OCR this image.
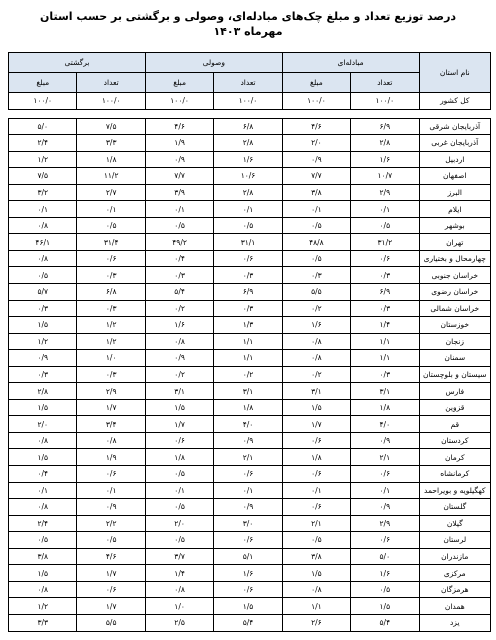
درصد توزیع تعداد و مبلغ چک‌های مبادله‌ای، وصولی و برگشتی بر حسب استان
مهرماه ۱۴۰۳
نام استان	مبادله‌ای		وصولی		برگشتی	
	تعداد	مبلغ	تعداد	مبلغ	تعداد	مبلغ
کل کشور	۱۰۰/۰	۱۰۰/۰	۱۰۰/۰	۱۰۰/۰	۱۰۰/۰	۱۰۰/۰

آذربایجان شرقی	۶/۹	۴/۶	۶/۸	۴/۶	۷/۵	۵/۰
آذربایجان غربی	۲/۸	۲/۰	۲/۸	۱/۹	۳/۳	۲/۴
اردبیل	۱/۶	۰/۹	۱/۶	۰/۹	۱/۸	۱/۲
اصفهان	۱۰/۷	۷/۷	۱۰/۶	۷/۷	۱۱/۲	۷/۵
البرز	۲/۹	۳/۸	۲/۸	۳/۹	۲/۷	۳/۲
ایلام	۰/۱	۰/۱	۰/۱	۰/۱	۰/۱	۰/۱
بوشهر	۰/۵	۰/۵	۰/۵	۰/۵	۰/۵	۰/۸
تهران	۳۱/۲	۴۸/۸	۳۱/۱	۴۹/۲	۳۱/۴	۴۶/۱
چهارمحال و بختیاری	۰/۶	۰/۵	۰/۶	۰/۴	۰/۶	۰/۸
خراسان جنوبی	۰/۳	۰/۳	۰/۳	۰/۳	۰/۳	۰/۵
خراسان رضوی	۶/۹	۵/۵	۶/۹	۵/۴	۶/۸	۵/۷
خراسان شمالی	۰/۳	۰/۲	۰/۳	۰/۲	۰/۳	۰/۳
خوزستان	۱/۴	۱/۶	۱/۳	۱/۶	۱/۲	۱/۵
زنجان	۱/۱	۰/۸	۱/۱	۰/۸	۱/۲	۱/۲
سمنان	۱/۱	۰/۸	۱/۱	۰/۹	۱/۰	۰/۹
سیستان و بلوچستان	۰/۳	۰/۲	۰/۲	۰/۲	۰/۳	۰/۳
فارس	۳/۱	۳/۱	۳/۱	۳/۱	۲/۹	۲/۸
قزوین	۱/۸	۱/۵	۱/۸	۱/۵	۱/۷	۱/۵
قم	۴/۰	۱/۷	۴/۰	۱/۷	۳/۴	۲/۰
کردستان	۰/۹	۰/۶	۰/۹	۰/۶	۰/۸	۰/۸
کرمان	۲/۱	۱/۸	۲/۱	۱/۸	۱/۹	۱/۵
کرمانشاه	۰/۶	۰/۶	۰/۶	۰/۵	۰/۶	۰/۴
کهگیلویه و بویراحمد	۰/۱	۰/۱	۰/۱	۰/۱	۰/۱	۰/۱
گلستان	۰/۹	۰/۶	۰/۹	۰/۵	۰/۹	۰/۸
گیلان	۲/۹	۲/۱	۳/۰	۲/۰	۲/۲	۲/۴
لرستان	۰/۶	۰/۵	۰/۶	۰/۵	۰/۵	۰/۵
مازندران	۵/۰	۳/۸	۵/۱	۳/۷	۴/۶	۳/۸
مرکزی	۱/۶	۱/۵	۱/۶	۱/۴	۱/۷	۱/۵
هرمزگان	۰/۵	۰/۸	۰/۶	۰/۸	۰/۶	۰/۸
همدان	۱/۵	۱/۱	۱/۵	۱/۰	۱/۷	۱/۲
یزد	۵/۴	۲/۶	۵/۴	۲/۵	۵/۵	۳/۳
